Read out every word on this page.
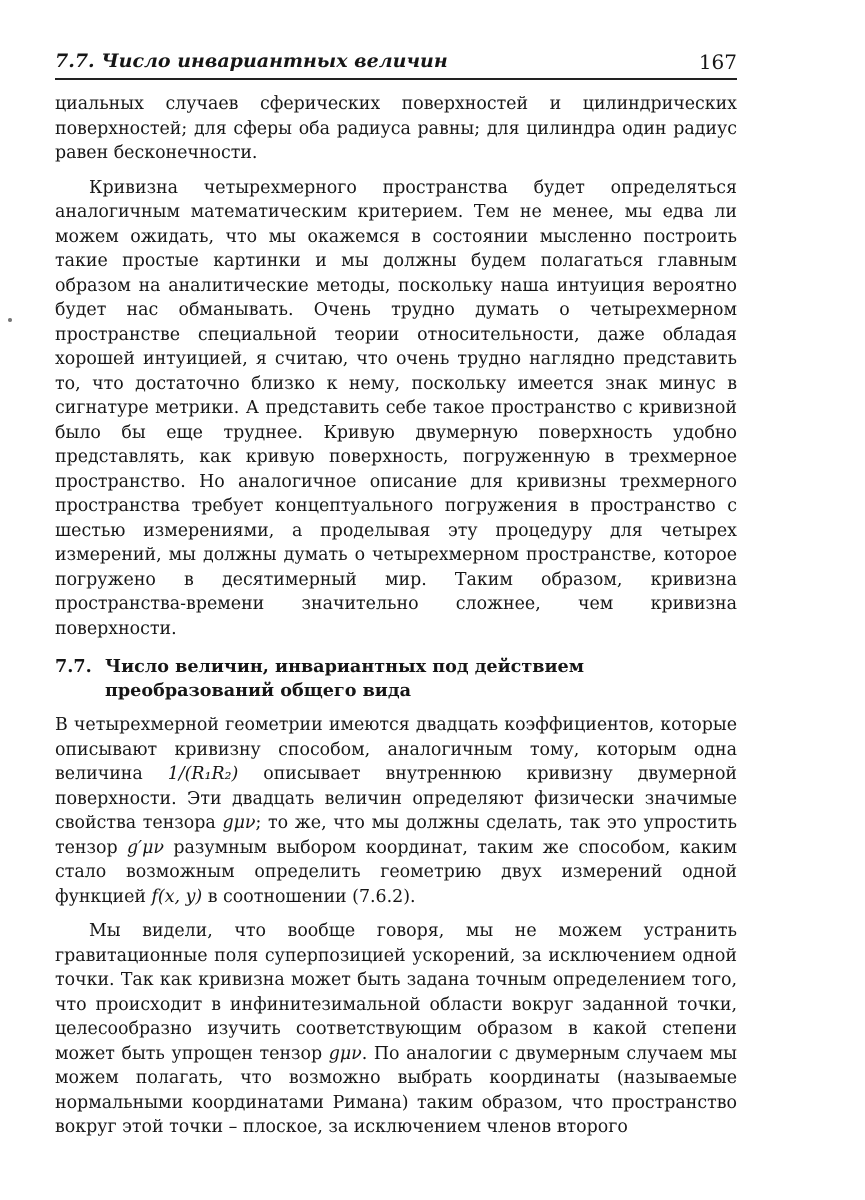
7.7. Число инвариантных величин	167

циальных случаев сферических поверхностей и цилиндрических поверхностей; для сферы оба радиуса равны; для цилиндра один радиус равен бесконечности.

Кривизна четырехмерного пространства будет определяться аналогичным математическим критерием. Тем не менее, мы едва ли можем ожидать, что мы окажемся в состоянии мысленно построить такие простые картинки и мы должны будем полагаться главным образом на аналитические методы, поскольку наша интуиция вероятно будет нас обманывать. Очень трудно думать о четырехмерном пространстве специальной теории относительности, даже обладая хорошей интуицией, я считаю, что очень трудно наглядно представить то, что достаточно близко к нему, поскольку имеется знак минус в сигнатуре метрики. А представить себе такое пространство с кривизной было бы еще труднее. Кривую двумерную поверхность удобно представлять, как кривую поверхность, погруженную в трехмерное пространство. Но аналогичное описание для кривизны трехмерного пространства требует концептуального погружения в пространство с шестью измерениями, а проделывая эту процедуру для четырех измерений, мы должны думать о четырехмерном пространстве, которое погружено в десятимерный мир. Таким образом, кривизна пространства-времени значительно сложнее, чем кривизна поверхности.

7.7. Число величин, инвариантных под действием преобразований общего вида

В четырехмерной геометрии имеются двадцать коэффициентов, которые описывают кривизну способом, аналогичным тому, которым одна величина 1/(R₁R₂) описывает внутреннюю кривизну двумерной поверхности. Эти двадцать величин определяют физически значимые свойства тензора gμν; то же, что мы должны сделать, так это упростить тензор g′μν разумным выбором координат, таким же способом, каким стало возможным определить геометрию двух измерений одной функцией f(x, y) в соотношении (7.6.2).

Мы видели, что вообще говоря, мы не можем устранить гравитационные поля суперпозицией ускорений, за исключением одной точки. Так как кривизна может быть задана точным определением того, что происходит в инфинитезимальной области вокруг заданной точки, целесообразно изучить соответствующим образом в какой степени может быть упрощен тензор gμν. По аналогии с двумерным случаем мы можем полагать, что возможно выбрать координаты (называемые нормальными координатами Римана) таким образом, что пространство вокруг этой точки – плоское, за исключением членов второго
